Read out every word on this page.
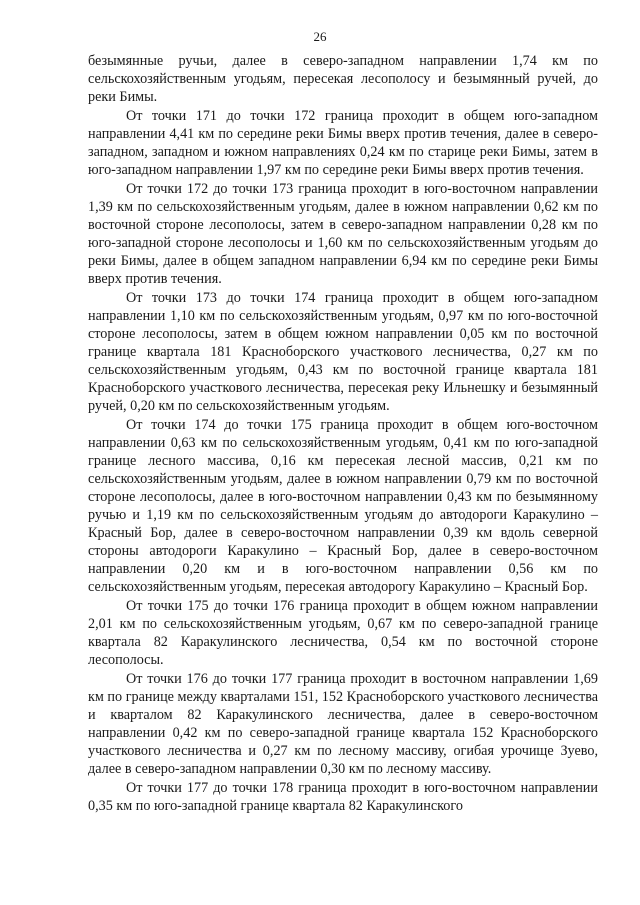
26

безымянные ручьи, далее в северо-западном направлении 1,74 км по сельскохозяйственным угодьям, пересекая лесополосу и безымянный ручей, до реки Бимы.

От точки 171 до точки 172 граница проходит в общем юго-западном направлении 4,41 км по середине реки Бимы вверх против течения, далее в северо-западном, западном и южном направлениях 0,24 км по старице реки Бимы, затем в юго-западном направлении 1,97 км по середине реки Бимы вверх против течения.

От точки 172 до точки 173 граница проходит в юго-восточном направлении 1,39 км по сельскохозяйственным угодьям, далее в южном направлении 0,62 км по восточной стороне лесополосы, затем в северо-западном направлении 0,28 км по юго-западной стороне лесополосы и 1,60 км по сельскохозяйственным угодьям до реки Бимы, далее в общем западном направлении 6,94 км по середине реки Бимы вверх против течения.

От точки 173 до точки 174 граница проходит в общем юго-западном направлении 1,10 км по сельскохозяйственным угодьям, 0,97 км по юго-восточной стороне лесополосы, затем в общем южном направлении 0,05 км по восточной границе квартала 181 Красноборского участкового лесничества, 0,27 км по сельскохозяйственным угодьям, 0,43 км по восточной границе квартала 181 Красноборского участкового лесничества, пересекая реку Ильнешку и безымянный ручей, 0,20 км по сельскохозяйственным угодьям.

От точки 174 до точки 175 граница проходит в общем юго-восточном направлении 0,63 км по сельскохозяйственным угодьям, 0,41 км по юго-западной границе лесного массива, 0,16 км пересекая лесной массив, 0,21 км по сельскохозяйственным угодьям, далее в южном направлении 0,79 км по восточной стороне лесополосы, далее в юго-восточном направлении 0,43 км по безымянному ручью и 1,19 км по сельскохозяйственным угодьям до автодороги Каракулино – Красный Бор, далее в северо-восточном направлении 0,39 км вдоль северной стороны автодороги Каракулино – Красный Бор, далее в северо-восточном направлении 0,20 км и в юго-восточном направлении 0,56 км по сельскохозяйственным угодьям, пересекая автодорогу Каракулино – Красный Бор.

От точки 175 до точки 176 граница проходит в общем южном направлении 2,01 км по сельскохозяйственным угодьям, 0,67 км по северо-западной границе квартала 82 Каракулинского лесничества, 0,54 км по восточной стороне лесополосы.

От точки 176 до точки 177 граница проходит в восточном направлении 1,69 км по границе между кварталами 151, 152 Красноборского участкового лесничества и кварталом 82 Каракулинского лесничества, далее в северо-восточном направлении 0,42 км по северо-западной границе квартала 152 Красноборского участкового лесничества и 0,27 км по лесному массиву, огибая урочище Зуево, далее в северо-западном направлении 0,30 км по лесному массиву.

От точки 177 до точки 178 граница проходит в юго-восточном направлении 0,35 км по юго-западной границе квартала 82 Каракулинского
